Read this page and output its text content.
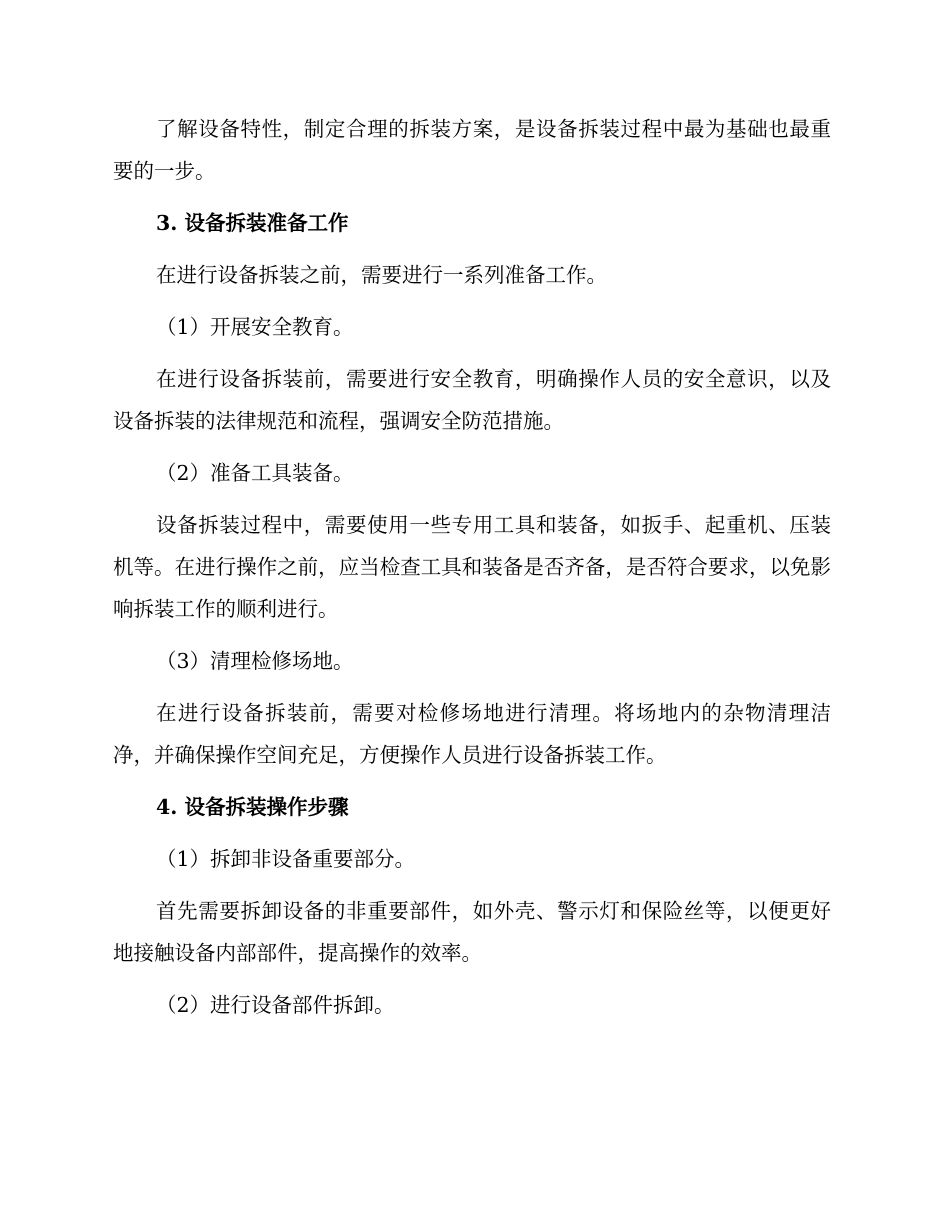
了解设备特性，制定合理的拆装方案，是设备拆装过程中最为基础也最重要的一步。

3. 设备拆装准备工作

在进行设备拆装之前，需要进行一系列准备工作。

（1）开展安全教育。

在进行设备拆装前，需要进行安全教育，明确操作人员的安全意识，以及设备拆装的法律规范和流程，强调安全防范措施。

（2）准备工具装备。

设备拆装过程中，需要使用一些专用工具和装备，如扳手、起重机、压装机等。在进行操作之前，应当检查工具和装备是否齐备，是否符合要求，以免影响拆装工作的顺利进行。

（3）清理检修场地。

在进行设备拆装前，需要对检修场地进行清理。将场地内的杂物清理洁净，并确保操作空间充足，方便操作人员进行设备拆装工作。

4. 设备拆装操作步骤

（1）拆卸非设备重要部分。

首先需要拆卸设备的非重要部件，如外壳、警示灯和保险丝等，以便更好地接触设备内部部件，提高操作的效率。

（2）进行设备部件拆卸。
